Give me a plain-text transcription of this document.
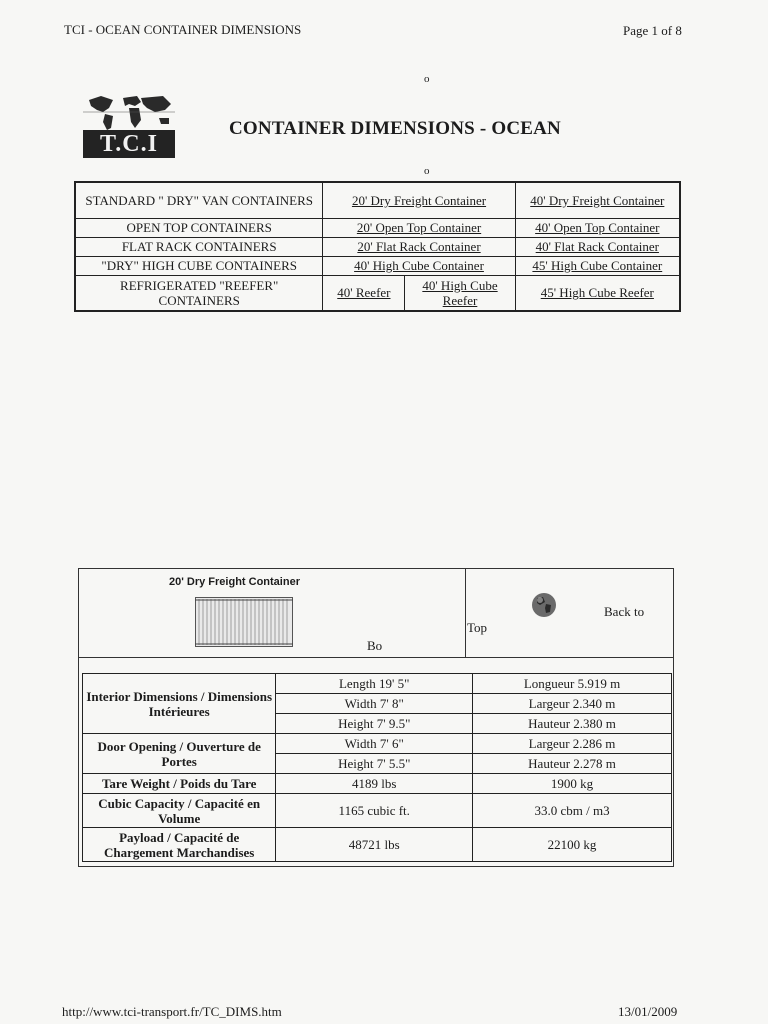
TCI - OCEAN CONTAINER DIMENSIONS	Page 1 of 8
o
T.C.I
CONTAINER DIMENSIONS - OCEAN
o
STANDARD " DRY" VAN CONTAINERS	20' Dry Freight Container		40' Dry Freight Container
OPEN TOP CONTAINERS	20' Open Top Container		40' Open Top Container
FLAT RACK CONTAINERS	20' Flat Rack Container		40' Flat Rack Container
"DRY" HIGH CUBE CONTAINERS	40' High Cube Container		45' High Cube Container
REFRIGERATED "REEFER" CONTAINERS	40' Reefer	40' High Cube Reefer	45' High Cube Reefer
20' Dry Freight Container
Bo
Top
Back to
Interior Dimensions / Dimensions Intérieures	Length 19' 5"	Longueur 5.919 m
	Width 7' 8"	Largeur 2.340 m
	Height 7' 9.5"	Hauteur 2.380 m
Door Opening / Ouverture de Portes	Width 7' 6"	Largeur 2.286 m
	Height 7' 5.5"	Hauteur 2.278 m
Tare Weight / Poids du Tare	4189 lbs	1900 kg
Cubic Capacity / Capacité en Volume	1165 cubic ft.	33.0 cbm / m3
Payload / Capacité de Chargement Marchandises	48721 lbs	22100 kg
http://www.tci-transport.fr/TC_DIMS.htm	13/01/2009
